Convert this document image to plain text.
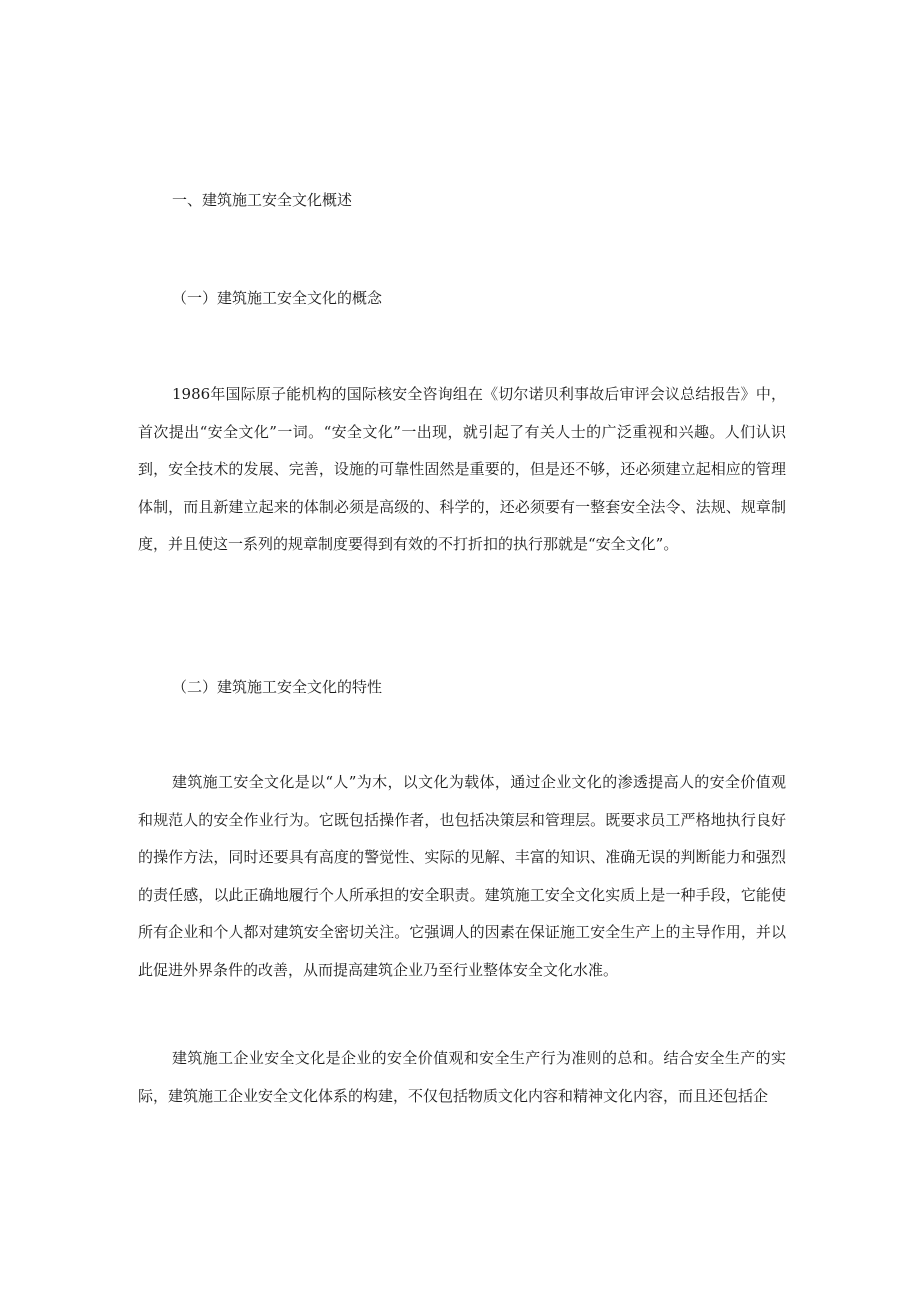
一、建筑施工安全文化概述
（一）建筑施工安全文化的概念

1986年国际原子能机构的国际核安全咨询组在《切尔诺贝利事故后审评会议总结报告》中，首次提出“安全文化”一词。“安全文化”一出现，就引起了有关人士的广泛重视和兴趣。人们认识到，安全技术的发展、完善，设施的可靠性固然是重要的，但是还不够，还必须建立起相应的管理体制，而且新建立起来的体制必须是高级的、科学的，还必须要有一整套安全法令、法规、规章制度，并且使这一系列的规章制度要得到有效的不打折扣的执行那就是“安全文化”。

（二）建筑施工安全文化的特性

建筑施工安全文化是以“人”为木，以文化为载体，通过企业文化的渗透提高人的安全价值观和规范人的安全作业行为。它既包括操作者，也包括决策层和管理层。既要求员工严格地执行良好的操作方法，同时还要具有高度的警觉性、实际的见解、丰富的知识、准确无误的判断能力和强烈的责任感，以此正确地履行个人所承担的安全职责。建筑施工安全文化实质上是一种手段，它能使所有企业和个人都对建筑安全密切关注。它强调人的因素在保证施工安全生产上的主导作用，并以此促进外界条件的改善，从而提高建筑企业乃至行业整体安全文化水准。

建筑施工企业安全文化是企业的安全价值观和安全生产行为准则的总和。结合安全生产的实际，建筑施工企业安全文化体系的构建，不仅包括物质文化内容和精神文化内容，而且还包括企
